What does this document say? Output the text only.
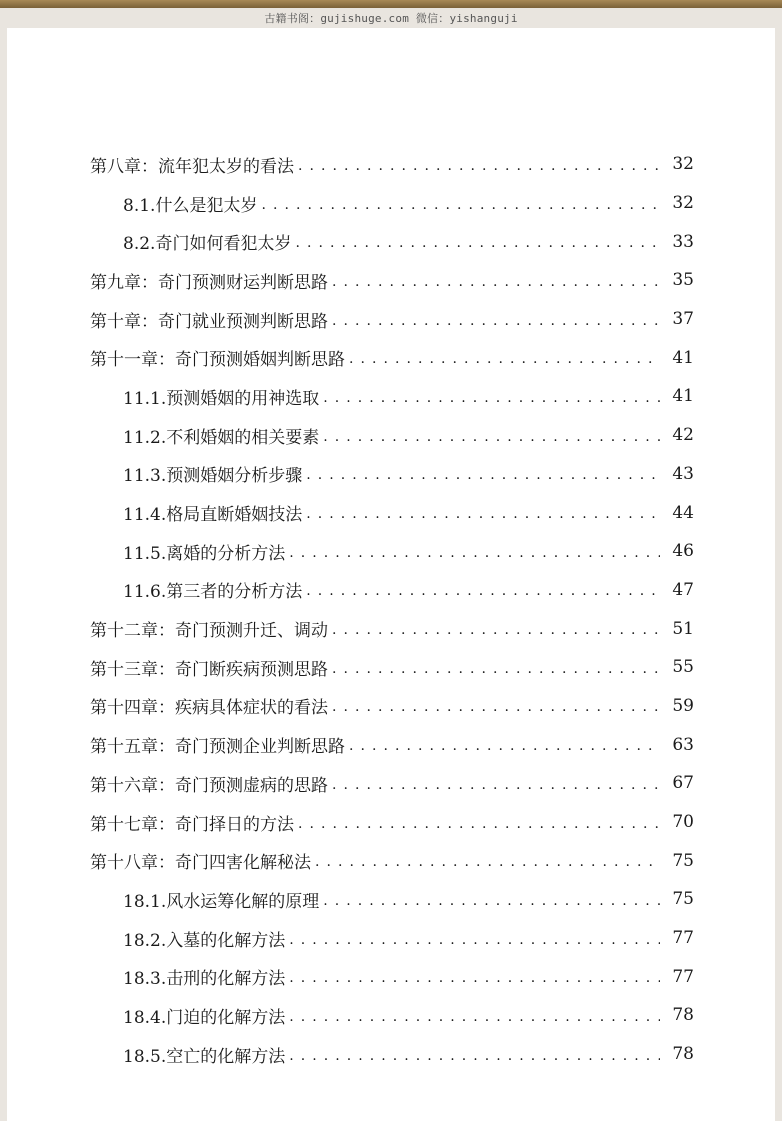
古籍书阁：gujishuge.com 微信：yishanguji
第八章：流年犯太岁的看法 . . .	32
8.1.什么是犯太岁 . . .	32
8.2.奇门如何看犯太岁 . . .	33
第九章：奇门预测财运判断思路 . . .	35
第十章：奇门就业预测判断思路 . . .	37
第十一章：奇门预测婚姻判断思路 . . .	41
11.1.预测婚姻的用神选取 . . .	41
11.2.不利婚姻的相关要素 . . .	42
11.3.预测婚姻分析步骤 . . .	43
11.4.格局直断婚姻技法 . . .	44
11.5.离婚的分析方法 . . .	46
11.6.第三者的分析方法 . . .	47
第十二章：奇门预测升迁、调动 . . .	51
第十三章：奇门断疾病预测思路 . . .	55
第十四章：疾病具体症状的看法 . . .	59
第十五章：奇门预测企业判断思路 . . .	63
第十六章：奇门预测虚病的思路 . . .	67
第十七章：奇门择日的方法 . . .	70
第十八章：奇门四害化解秘法 . . .	75
18.1.风水运筹化解的原理 . . .	75
18.2.入墓的化解方法 . . .	77
18.3.击刑的化解方法 . . .	77
18.4.门迫的化解方法 . . .	78
18.5.空亡的化解方法 . . .	78
